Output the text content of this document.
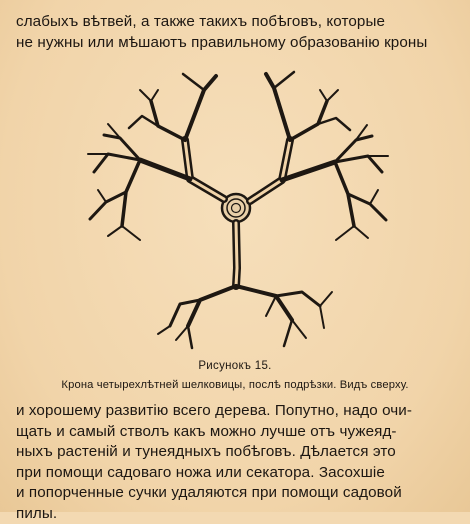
слабыхъ вѣтвей, а также такихъ побѣговъ, которые
не нужны или мѣшаютъ правильному образованію кроны
Рисунокъ 15.
Крона четырехлѣтней шелковицы, послѣ подрѣзки. Видъ сверху.
и хорошему развитію всего дерева. Попутно, надо очи-
щать и самый стволъ какъ можно лучше отъ чужеяд-
ныхъ растеній и тунеядныхъ побѣговъ. Дѣлается это
при помощи садоваго ножа или секатора. Засохшіе
и попорченные сучки удаляются при помощи садовой
пилы.
